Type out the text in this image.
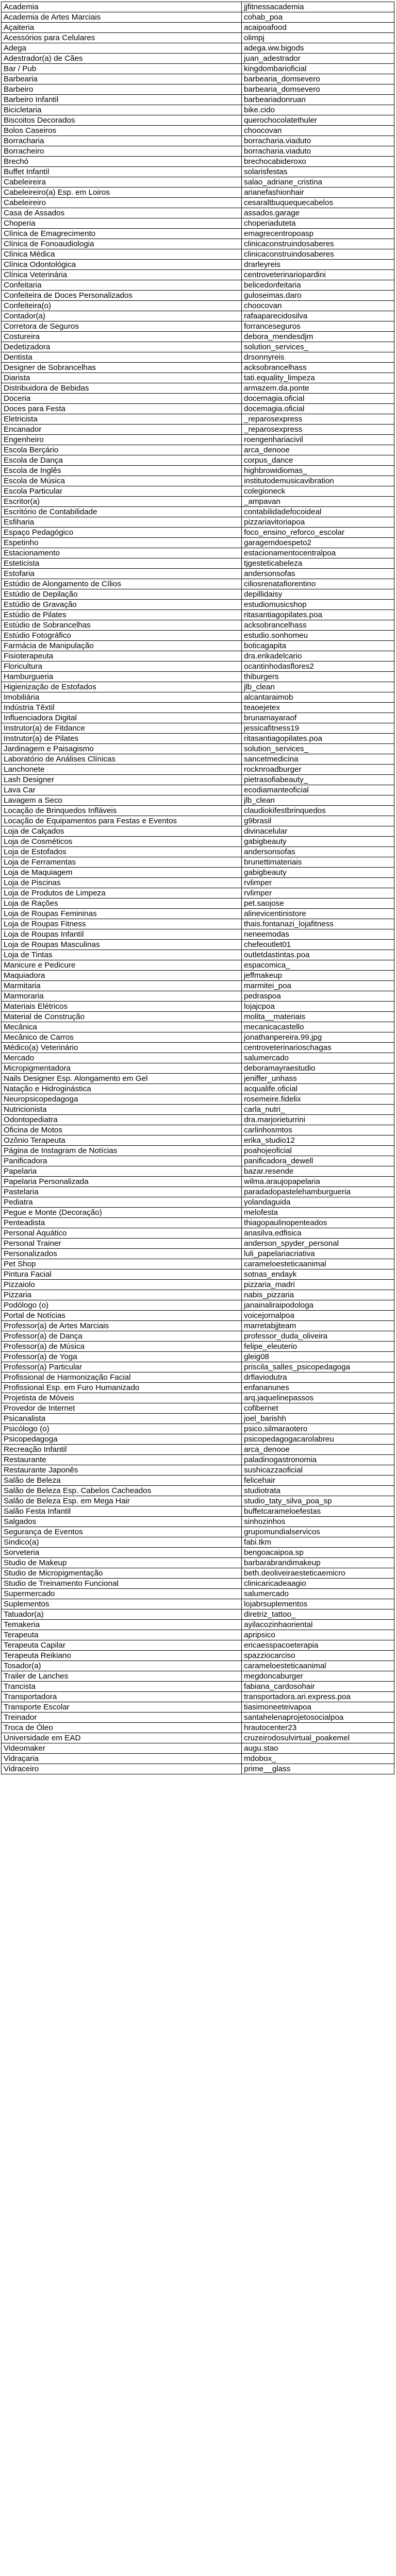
Academia	jjfitnessacademia
Academia de Artes Marciais	cohab_poa
Açaiteria	acaipoafood
Acessórios para Celulares	olimpj
Adega	adega.ww.bigods
Adestrador(a) de Cães	juan_adestrador
Bar / Pub	kingdombarioficial
Barbearia	barbearia_domsevero
Barbeiro	barbearia_domsevero
Barbeiro Infantil	barbeariadonruan
Bicicletaria	bike.cido
Biscoitos Decorados	querochocolatethuler
Bolos Caseiros	choocovan
Borracharia	borracharia.viaduto
Borracheiro	borracharia.viaduto
Brechó	brechocabideroxo
Buffet Infantil	solarisfestas
Cabeleireira	salao_adriane_cristina
Cabeleireiro(a) Esp. em Loiros	arianefashionhair
Cabeleireiro	cesaraltbuquequecabelos
Casa de Assados	assados.garage
Choperia	choperiaduteta
Clínica de Emagrecimento	emagrecentropoasp
Clínica de Fonoaudiologia	clinicaconstruindosaberes
Clínica Médica	clinicaconstruindosaberes
Clínica Odontológica	drarleyreis
Clínica Veterinária	centroveterinariopardini
Confeitaria	belicedonfeitaria
Confeiteira de Doces Personalizados	guloseimas.daro
Confeiteira(o)	choocovan
Contador(a)	rafaaparecidosilva
Corretora de Seguros	forranceseguros
Costureira	debora_mendesdjm
Dedetizadora	solution_services_
Dentista	drsonnyreis
Designer de Sobrancelhas	acksobrancelhass
Diarista	tati.equality_limpeza
Distribuidora de Bebidas	armazem.da.ponte
Doceria	docemagia.oficial
Doces para Festa	docemagia.oficial
Eletricista	_reparosexpress
Encanador	_reparosexpress
Engenheiro	roengenhariacivil
Escola Berçário	arca_denooe
Escola de Dança	corpus_dance
Escola de Inglês	highbrowidiomas_
Escola de Música	institutodemusicavibration
Escola Particular	colegioneck
Escritor(a)	_ampavan
Escritório de Contabilidade	contabilidadefocoideal
Esfiharia	pizzariavitoriapoa
Espaço Pedagógico	foco_ensino_reforco_escolar
Espetinho	garagemdoespeto2
Estacionamento	estacionamentocentralpoa
Esteticista	tjgesteticabeleza
Estofaria	andersonsofas
Estúdio de Alongamento de Cílios	ciliosrenatafiorentino
Estúdio de Depilação	depillidaisy
Estúdio de Gravação	estudiomusicshop
Estúdio de Pilates	ritasantiagopilates.poa
Estúdio de Sobrancelhas	acksobrancelhass
Estúdio Fotográfico	estudio.sonhomeu
Farmácia de Manipulação	boticagapita
Fisioterapeuta	dra.erikadelcario
Floricultura	ocantinhodasflores2
Hamburgueria	thiburgers
Higienização de Estofados	jlb_clean
Imobiliária	alcantaraimob
Indústria Têxtil	teaoejetex
Influenciadora Digital	brunamayaraof
Instrutor(a) de Fitdance	jessicafitness19
Instrutor(a) de Pilates	ritasantiagopilates.poa
Jardinagem e Paisagismo	solution_services_
Laboratório de Análises Clínicas	sancetmedicina
Lanchonete	rocknroadburger
Lash Designer	pietrasofiabeauty_
Lava Car	ecodiamanteoficial
Lavagem a Seco	jlb_clean
Locação de Brinquedos Infláveis	claudiokifestbrinquedos
Locação de Equipamentos para Festas e Eventos	g9brasil
Loja de Calçados	divinacelular
Loja de Cosméticos	gabigbeauty
Loja de Estofados	andersonsofas
Loja de Ferramentas	brunettimateriais
Loja de Maquiagem	gabigbeauty
Loja de Piscinas	rvlimper
Loja de Produtos de Limpeza	rvlimper
Loja de Rações	pet.saojose
Loja de Roupas Femininas	alinevicentinistore
Loja de Roupas Fitness	thais.fontanazi_lojafitness
Loja de Roupas Infantil	neneemodas
Loja de Roupas Masculinas	chefeoutlet01
Loja de Tintas	outletdastintas.poa
Manicure e Pedicure	espacomica_
Maquiadora	jeffmakeup
Marmitaria	marmitei_poa
Marmoraria	pedraspoa
Materiais Elétricos	lojajcpoa
Material de Construção	molita__materiais
Mecânica	mecanicacastello
Mecânico de Carros	jonathanpereira.99.jpg
Médico(a) Veterinário	centroveterinarioschagas
Mercado	salumercado
Micropigmentadora	deboramayraestudio
Nails Designer Esp. Alongamento em Gel	jeniffer_unhass
Natação e Hidroginástica	acqualife.oficial
Neuropsicopedagoga	rosemeire.fidelix
Nutricionista	carla_nutri_
Odontopediatra	dra.marjorieturrini
Oficina de Motos	carlinhosmtos
Ozônio Terapeuta	erika_studio12
Página de Instagram de Notícias	poahojeoficial
Panificadora	panificadora_dewell
Papelaria	bazar.resende
Papelaria Personalizada	wilma.araujopapelaria
Pastelaria	paradadopastelehamburgueria
Pediatra	yolandaguida
Pegue e Monte (Decoração)	melofesta
Penteadista	thiagopaulinopenteados
Personal Aquático	anasilva.edfisica
Personal Trainer	anderson_spyder_personal
Personalizados	luli_papelariacriativa
Pet Shop	carameloesteticaanimal
Pintura Facial	sotnas_endayk
Pizzaiolo	pizzaria_madri
Pizzaria	nabis_pizzaria
Podólogo (o)	janainaliraipodologa
Portal de Notícias	voicejornalpoa
Professor(a) de Artes Marciais	marretabjjteam
Professor(a) de Dança	professor_duda_oliveira
Professor(a) de Música	felipe_eleuterio
Professor(a) de Yoga	gleig08
Professor(a) Particular	priscila_salles_psicopedagoga
Profissional de Harmonização Facial	drflaviodutra
Profissional Esp. em Furo Humanizado	enfananunes
Projetista de Móveis	arq.jaquelinepassos
Provedor de Internet	cofibernet
Psicanalista	joel_barishh
Psicólogo (o)	psico.silmaraotero
Psicopedagoga	psicopedagogacarolabreu
Recreação Infantil	arca_denooe
Restaurante	paladinogastronomia
Restaurante Japonês	sushicazzaoficial
Salão de Beleza	felicehair
Salão de Beleza Esp. Cabelos Cacheados	studiotrata
Salão de Beleza Esp. em Mega Hair	studio_taty_silva_poa_sp
Salão Festa Infantil	buffetcarameloefestas
Salgados	sinhozinhos
Segurança de Eventos	grupomundialservicos
Sindico(a)	fabi.tkm
Sorveteria	bengoacaipoa.sp
Studio de Makeup	barbarabrandimakeup
Studio de Micropigmentação	beth.deoliveiraesteticaemicro
Studio de Treinamento Funcional	clinicaricadeaagio
Supermercado	salumercado
Suplementos	lojabrsuplementos
Tatuador(a)	diretriz_tattoo_
Temakeria	ayilacozinhaoriental
Terapeuta	apripsico
Terapeuta Capilar	ericaesspacoeterapia
Terapeuta Reikiano	spazziocarciso
Tosador(a)	carameloesteticaanimal
Trailer de Lanches	megdoncaburger
Trancista	fabiana_cardosohair
Transportadora	transportadora.ari.express.poa
Transporte Escolar	tiasimoneeteivapoa
Treinador	santahelenaprojetosocialpoa
Troca de Óleo	hrautocenter23
Universidade em EAD	cruzeirodosulvirtual_poakemel
Videomaker	augu.stao
Vidraçaria	mdobox_
Vidraceiro	prime__glass
